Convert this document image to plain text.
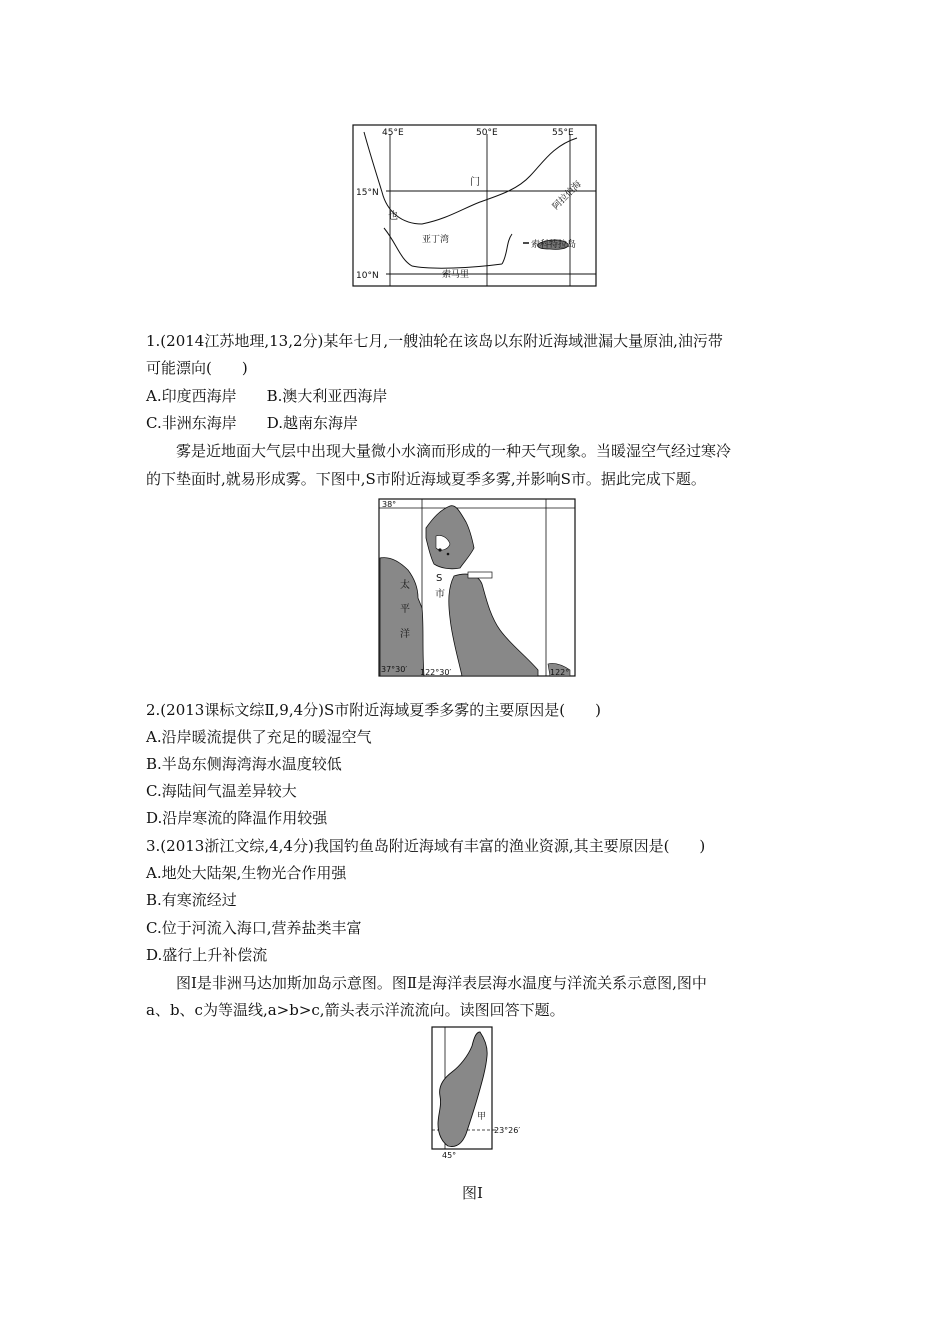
45°E	50°E	55°E
15°N
10°N
门
也
亚丁湾
阿拉伯海
索科特拉岛
索马里
1.(2014江苏地理,13,2分)某年七月,一艘油轮在该岛以东附近海域泄漏大量原油,油污带
可能漂向(　　)
A.印度西海岸　　B.澳大利亚西海岸
C.非洲东海岸　　D.越南东海岸
雾是近地面大气层中出现大量微小水滴而形成的一种天气现象。当暖湿空气经过寒冷
的下垫面时,就易形成雾。下图中,S市附近海域夏季多雾,并影响S市。据此完成下题。
38°
37°30′ 122°30′	122°
太
平
洋
S
市
2.(2013课标文综Ⅱ,9,4分)S市附近海域夏季多雾的主要原因是(　　)
A.沿岸暖流提供了充足的暖湿空气
B.半岛东侧海湾海水温度较低
C.海陆间气温差异较大
D.沿岸寒流的降温作用较强
3.(2013浙江文综,4,4分)我国钓鱼岛附近海域有丰富的渔业资源,其主要原因是(　　)
A.地处大陆架,生物光合作用强
B.有寒流经过
C.位于河流入海口,营养盐类丰富
D.盛行上升补偿流
图Ⅰ是非洲马达加斯加岛示意图。图Ⅱ是海洋表层海水温度与洋流关系示意图,图中
a、b、c为等温线,a>b>c,箭头表示洋流流向。读图回答下题。
甲
23°26′
45°
图Ⅰ
